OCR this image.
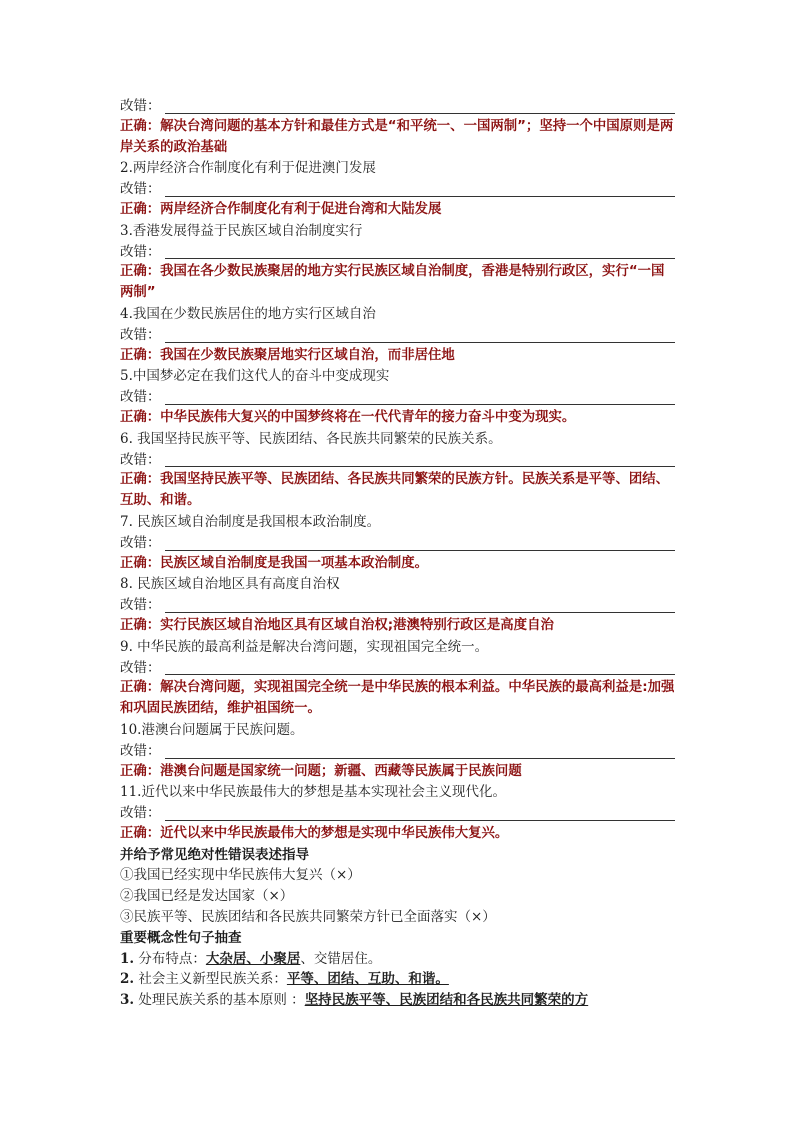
改错：
正确：解决台湾问题的基本方针和最佳方式是“和平统一、一国两制”；坚持一个中国原则是两岸关系的政治基础
2.两岸经济合作制度化有利于促进澳门发展
改错：
正确：两岸经济合作制度化有利于促进台湾和大陆发展
3.香港发展得益于民族区域自治制度实行
改错：
正确：我国在各少数民族聚居的地方实行民族区域自治制度，香港是特别行政区，实行“一国两制”
4.我国在少数民族居住的地方实行区域自治
改错：
正确：我国在少数民族聚居地实行区域自治，而非居住地
5.中国梦必定在我们这代人的奋斗中变成现实
改错：
正确：中华民族伟大复兴的中国梦终将在一代代青年的接力奋斗中变为现实。
6. 我国坚持民族平等、民族团结、各民族共同繁荣的民族关系。
改错：
正确：我国坚持民族平等、民族团结、各民族共同繁荣的民族方针。民族关系是平等、团结、互助、和谐。
7. 民族区域自治制度是我国根本政治制度。
改错：
正确：民族区域自治制度是我国一项基本政治制度。
8. 民族区域自治地区具有高度自治权
改错：
正确：实行民族区域自治地区具有区域自治权;港澳特别行政区是高度自治
9. 中华民族的最高利益是解决台湾问题，实现祖国完全统一。
改错：
正确：解决台湾问题，实现祖国完全统一是中华民族的根本利益。中华民族的最高利益是:加强和巩固民族团结，维护祖国统一。
10.港澳台问题属于民族问题。
改错：
正确：港澳台问题是国家统一问题；新疆、西藏等民族属于民族问题
11.近代以来中华民族最伟大的梦想是基本实现社会主义现代化。
改错：
正确：近代以来中华民族最伟大的梦想是实现中华民族伟大复兴。
并给予常见绝对性错误表述指导
①我国已经实现中华民族伟大复兴（×）
②我国已经是发达国家（×）
③民族平等、民族团结和各民族共同繁荣方针已全面落实（×）
重要概念性句子抽查
1. 分布特点：大杂居、小聚居、交错居住。
2. 社会主义新型民族关系：平等、团结、互助、和谐。
3. 处理民族关系的基本原则 ：坚持民族平等、民族团结和各民族共同繁荣的方
